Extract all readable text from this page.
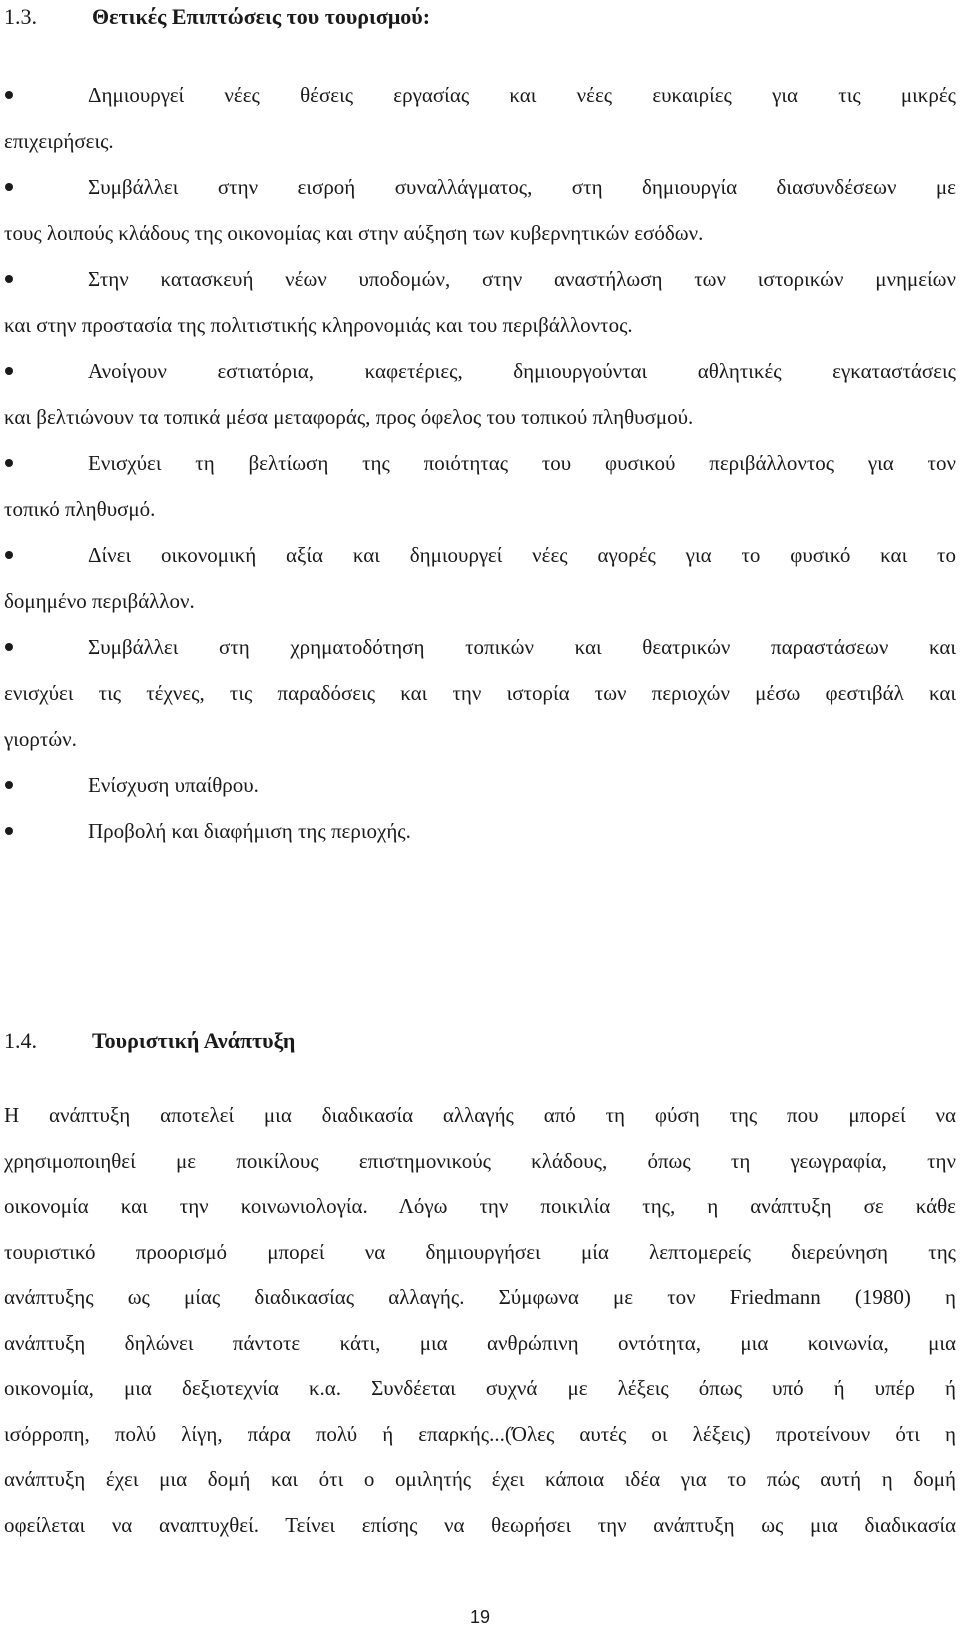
1.3.	Θετικές Επιπτώσεις του τουρισμού:
Δημιουργεί νέες θέσεις εργασίας και νέες ευκαιρίες για τις μικρές
επιχειρήσεις.
Συμβάλλει στην εισροή συναλλάγματος, στη δημιουργία διασυνδέσεων με
τους λοιπούς κλάδους της οικονομίας και στην αύξηση των κυβερνητικών εσόδων.
Στην κατασκευή νέων υποδομών, στην αναστήλωση των ιστορικών μνημείων
και στην προστασία της πολιτιστικής κληρονομιάς και του περιβάλλοντος.
Ανοίγουν εστιατόρια, καφετέριες, δημιουργούνται αθλητικές εγκαταστάσεις
και βελτιώνουν τα τοπικά μέσα μεταφοράς, προς όφελος του τοπικού πληθυσμού.
Ενισχύει τη βελτίωση της ποιότητας του φυσικού περιβάλλοντος για τον
τοπικό πληθυσμό.
Δίνει οικονομική αξία και δημιουργεί νέες αγορές για το φυσικό και το
δομημένο περιβάλλον.
Συμβάλλει στη χρηματοδότηση τοπικών και θεατρικών παραστάσεων και
ενισχύει τις τέχνες, τις παραδόσεις και την ιστορία των περιοχών μέσω φεστιβάλ και
γιορτών.
Ενίσχυση υπαίθρου.
Προβολή και διαφήμιση της περιοχής.
1.4.	Τουριστική Ανάπτυξη

Η ανάπτυξη αποτελεί μια διαδικασία αλλαγής από τη φύση της που μπορεί να
χρησιμοποιηθεί με ποικίλους επιστημονικούς κλάδους, όπως τη γεωγραφία, την
οικονομία και την κοινωνιολογία. Λόγω την ποικιλία της, η ανάπτυξη σε κάθε
τουριστικό προορισμό μπορεί να δημιουργήσει μία λεπτομερείς διερεύνηση της
ανάπτυξης ως μίας διαδικασίας αλλαγής. Σύμφωνα με τον Friedmann (1980) η
ανάπτυξη δηλώνει πάντοτε κάτι, μια ανθρώπινη οντότητα, μια κοινωνία, μια
οικονομία, μια δεξιοτεχνία κ.α. Συνδέεται συχνά με λέξεις όπως υπό ή υπέρ ή
ισόρροπη, πολύ λίγη, πάρα πολύ ή επαρκής...(Όλες αυτές οι λέξεις) προτείνουν ότι η
ανάπτυξη έχει μια δομή και ότι ο ομιλητής έχει κάποια ιδέα για το πώς αυτή η δομή
οφείλεται να αναπτυχθεί. Τείνει επίσης να θεωρήσει την ανάπτυξη ως μια διαδικασία

19
